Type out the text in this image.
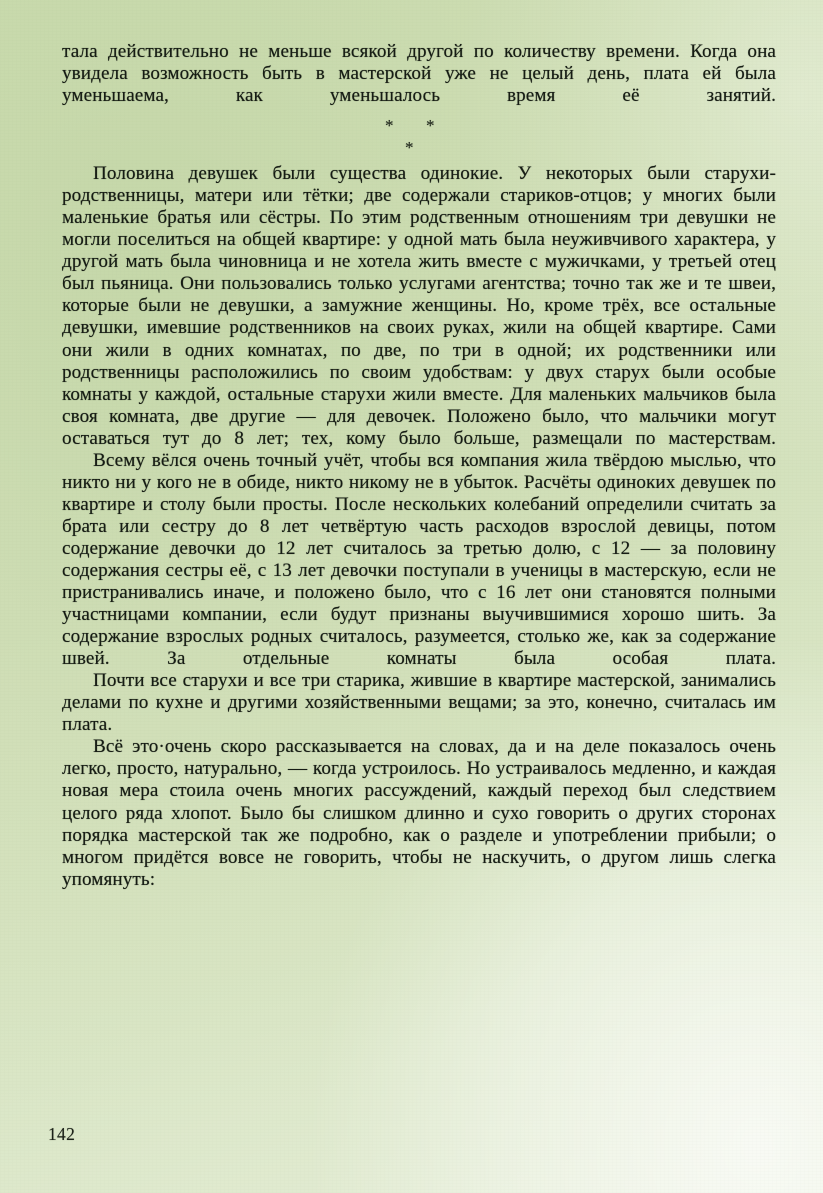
тала действительно не меньше всякой другой по количеству времени. Когда она увидела возможность быть в мастерской уже не целый день, плата ей была уменьшаема, как уменьшалось время её занятий.

* *
*

Половина девушек были существа одинокие. У некоторых были старухи-родственницы, матери или тётки; две содержали стариков-отцов; у многих были маленькие братья или сёстры. По этим родственным отношениям три девушки не могли поселиться на общей квартире: у одной мать была неуживчивого характера, у другой мать была чиновница и не хотела жить вместе с мужичками, у третьей отец был пьяница. Они пользовались только услугами агентства; точно так же и те швеи, которые были не девушки, а замужние женщины. Но, кроме трёх, все остальные девушки, имевшие родственников на своих руках, жили на общей квартире. Сами они жили в одних комнатах, по две, по три в одной; их родственники или родственницы расположились по своим удобствам: у двух старух были особые комнаты у каждой, остальные старухи жили вместе. Для маленьких мальчиков была своя комната, две другие — для девочек. Положено было, что мальчики могут оставаться тут до 8 лет; тех, кому было больше, размещали по мастерствам.

Всему вёлся очень точный учёт, чтобы вся компания жила твёрдою мыслью, что никто ни у кого не в обиде, никто никому не в убыток. Расчёты одиноких девушек по квартире и столу были просты. После нескольких колебаний определили считать за брата или сестру до 8 лет четвёртую часть расходов взрослой девицы, потом содержание девочки до 12 лет считалось за третью долю, с 12 — за половину содержания сестры её, с 13 лет девочки поступали в ученицы в мастерскую, если не пристранивались иначе, и положено было, что с 16 лет они становятся полными участницами компании, если будут признаны выучившимися хорошо шить. За содержание взрослых родных считалось, разумеется, столько же, как за содержание швей. За отдельные комнаты была особая плата.

Почти все старухи и все три старика, жившие в квартире мастерской, занимались делами по кухне и другими хозяйственными вещами; за это, конечно, считалась им плата.

Всё это·очень скоро рассказывается на словах, да и на деле показалось очень легко, просто, натурально, — когда устроилось. Но устраивалось медленно, и каждая новая мера стоила очень многих рассуждений, каждый переход был следствием целого ряда хлопот. Было бы слишком длинно и сухо говорить о других сторонах порядка мастерской так же подробно, как о разделе и употреблении прибыли; о многом придётся вовсе не говорить, чтобы не наскучить, о другом лишь слегка упомянуть:

142
